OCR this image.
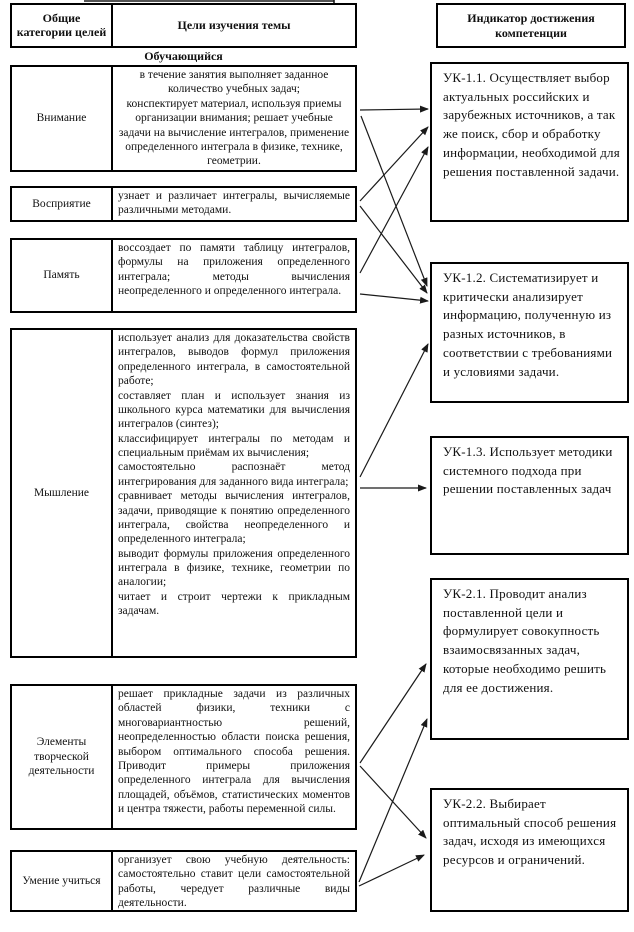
Общие категории целей	Цели изучения темы
Обучающийся
Внимание

в течение занятия выполняет заданное количество учебных задач;

конспектирует материал, используя приемы организации внимания; решает учебные задачи на вычисление интегралов, применение определенного интеграла в физике, технике, геометрии.

Восприятие

узнает и различает интегралы, вычисляемые различными методами.

Память

воссоздает по памяти таблицу интегралов, формулы на приложения определенного интеграла; методы вычисления неопределенного и определенного интеграла.

Мышление

использует анализ для доказательства свойств интегралов, выводов формул приложения определенного интеграла, в самостоятельной работе;

составляет план и использует знания из школьного курса математики для вычисления интегралов (синтез);

классифицирует интегралы по методам и специальным приёмам их вычисления;

самостоятельно распознаёт метод интегрирования для заданного вида интеграла;

сравнивает методы вычисления интегралов, задачи, приводящие к понятию определенного интеграла, свойства неопределенного и определенного интеграла;

выводит формулы приложения определенного интеграла в физике, технике, геометрии по аналогии;

читает и строит чертежи к прикладным задачам.

Элементы творческой деятельности

решает прикладные задачи из различных областей физики, техники с многовариантностью решений, неопределенностью области поиска решения, выбором оптимального способа решения. Приводит примеры приложения определенного интеграла для вычисления площадей, объёмов, статистических моментов и центра тяжести, работы переменной силы.

Умение учиться

организует свою учебную деятельность: самостоятельно ставит цели самостоятельной работы, чередует различные виды деятельности.

Индикатор достижения компетенции

УК-1.1. Осуществляет выбор актуальных российских и зарубежных источников, а так же поиск, сбор и обработку информации, необходимой для решения поставленной задачи.

УК-1.2. Систематизирует и критически анализирует информацию, полученную из разных источников, в соответствии с требованиями и условиями задачи.

УК-1.3. Использует методики системного подхода при решении поставленных задач

УК-2.1. Проводит анализ поставленной цели и формулирует совокупность взаимосвязанных задач, которые необходимо решить для ее достижения.

УК-2.2. Выбирает оптимальный способ решения задач, исходя из имеющихся ресурсов и ограничений.
